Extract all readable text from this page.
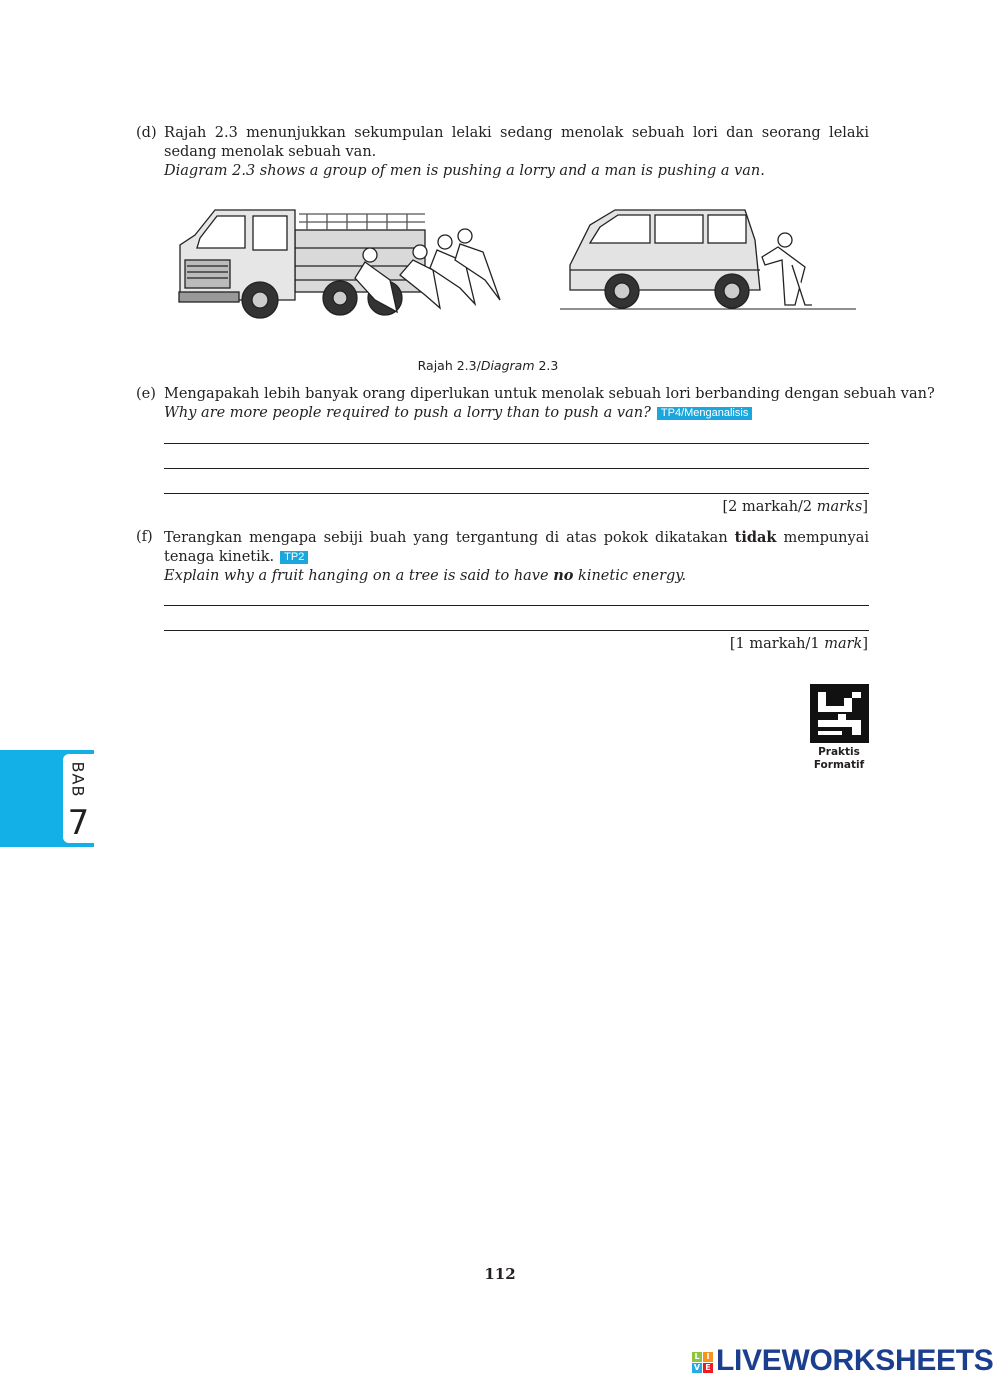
(d) Rajah 2.3 menunjukkan sekumpulan lelaki sedang menolak sebuah lori dan seorang lelaki sedang menolak sebuah van.
Diagram 2.3 shows a group of men is pushing a lorry and a man is pushing a van.
Rajah 2.3/Diagram 2.3
(e) Mengapakah lebih banyak orang diperlukan untuk menolak sebuah lori berbanding dengan sebuah van?
Why are more people required to push a lorry than to push a van? TP4/Menganalisis
[2 markah/2 marks]
(f) Terangkan mengapa sebiji buah yang tergantung di atas pokok dikatakan tidak mempunyai tenaga kinetik. TP2
Explain why a fruit hanging on a tree is said to have no kinetic energy.
[1 markah/1 mark]
Praktis
Formatif
BAB
7
112
L I
V E LIVEWORKSHEETS
